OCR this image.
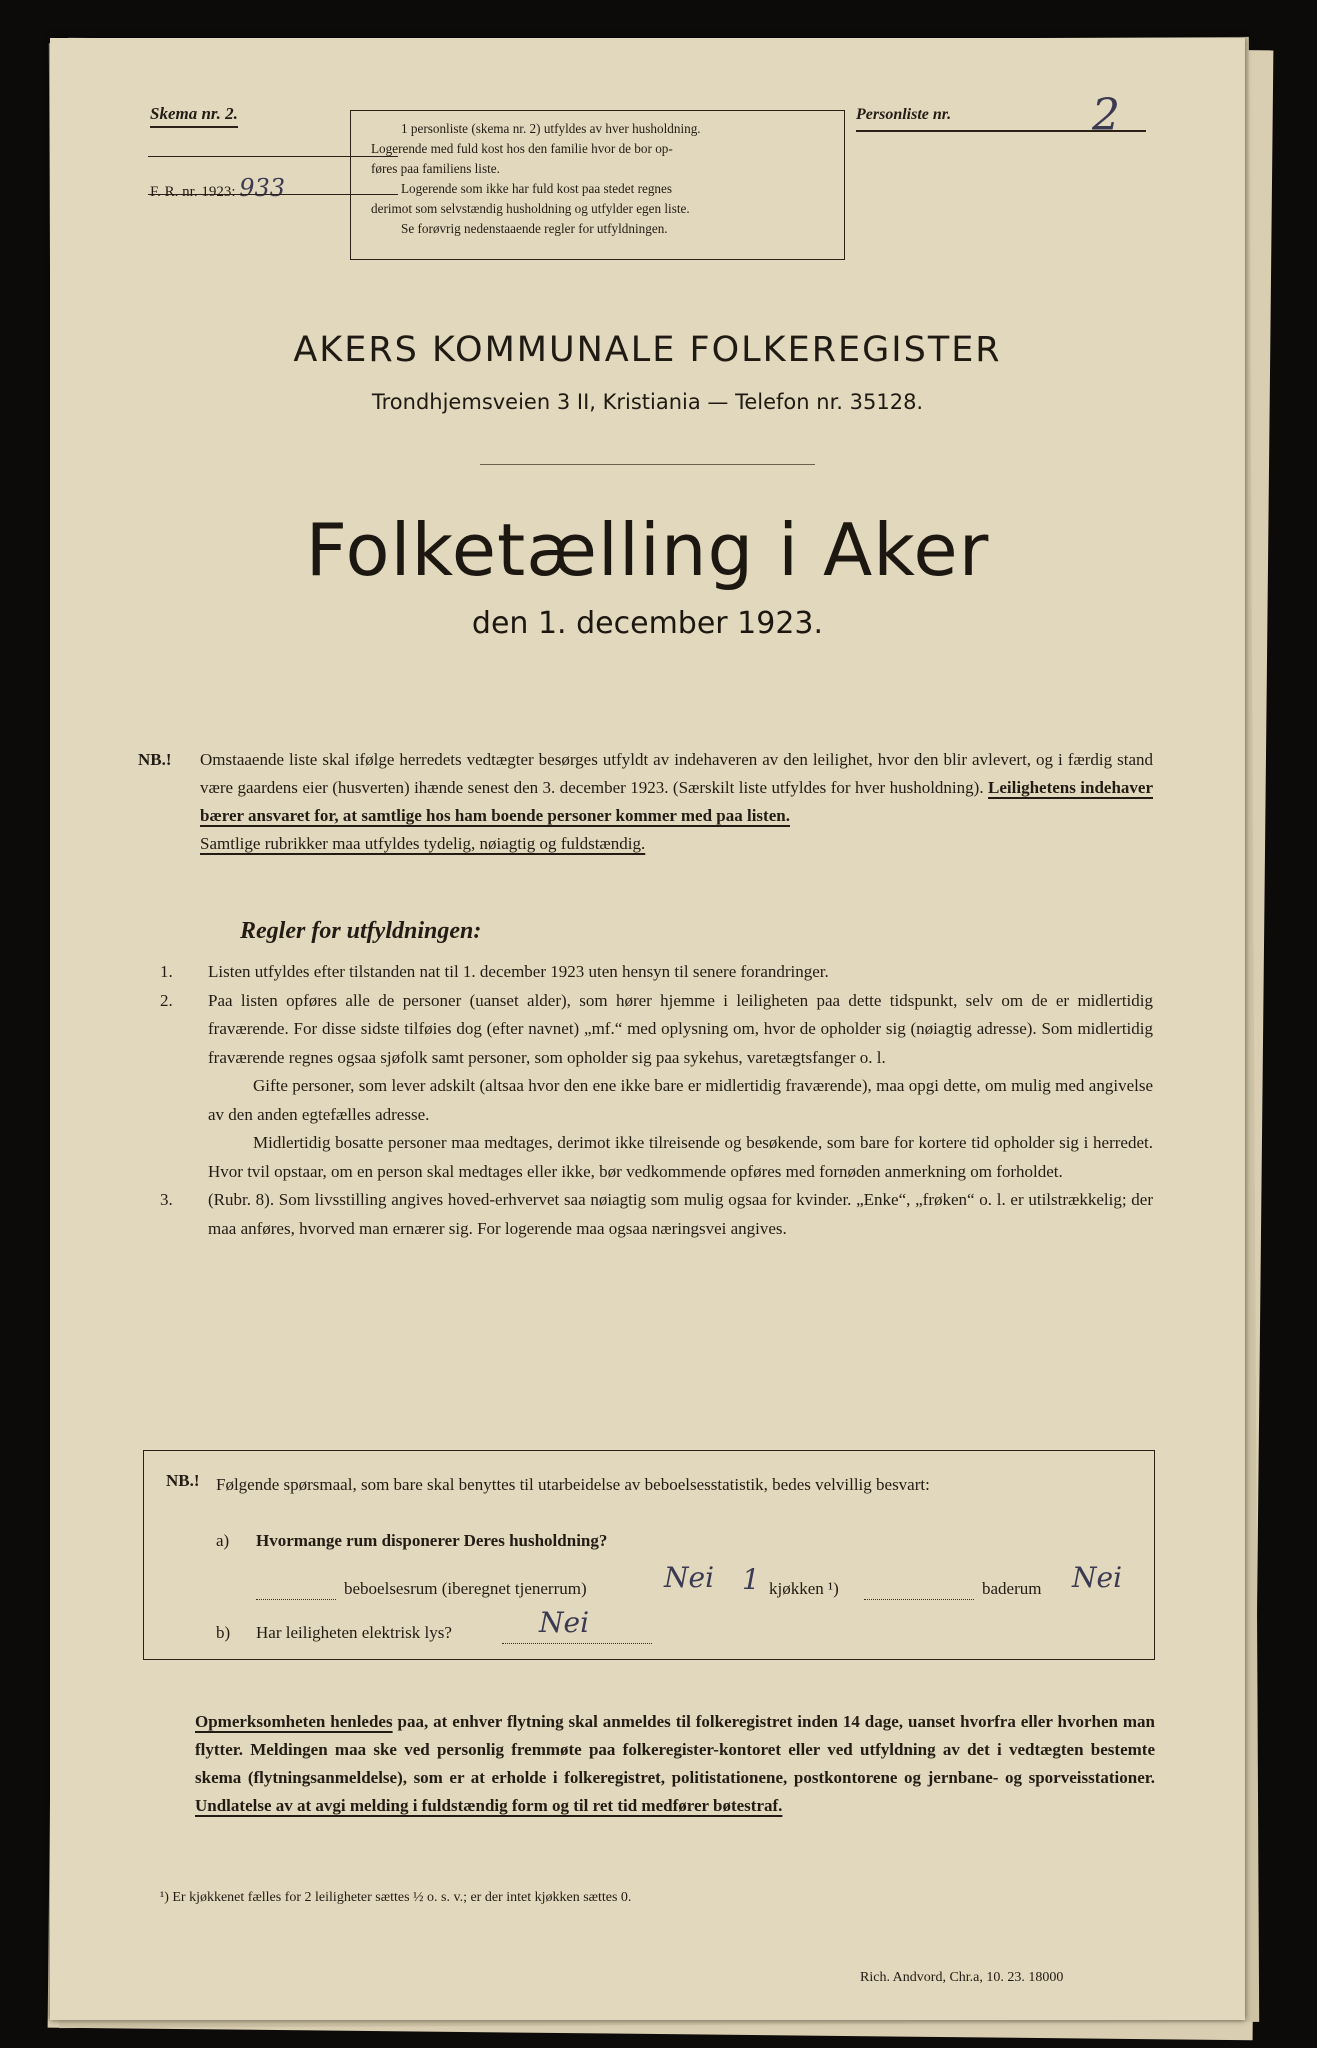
Skema nr. 2.
F. R. nr. 1923: 933

1 personliste (skema nr. 2) utfyldes av hver husholdning.

Logerende med fuld kost hos den familie hvor de bor op-

føres paa familiens liste.

Logerende som ikke har fuld kost paa stedet regnes

derimot som selvstændig husholdning og utfylder egen liste.

Se forøvrig nedenstaaende regler for utfyldningen.

Personliste nr.	2
AKERS KOMMUNALE FOLKEREGISTER
Trondhjemsveien 3 II, Kristiania — Telefon nr. 35128.
Folketælling i Aker
den 1. december 1923.
NB.! Omstaaende liste skal ifølge herredets vedtægter besørges utfyldt av indehaveren av den leilighet, hvor den blir avlevert, og i færdig stand være gaardens eier (husverten) ihænde senest den 3. december 1923. (Særskilt liste utfyldes for hver husholdning). Leilighetens indehaver bærer ansvaret for, at samtlige hos ham boende personer kommer med paa listen.
Samtlige rubrikker maa utfyldes tydelig, nøiagtig og fuldstændig.
Regler for utfyldningen:
1. Listen utfyldes efter tilstanden nat til 1. december 1923 uten hensyn til senere forandringer.

2. Paa listen opføres alle de personer (uanset alder), som hører hjemme i leiligheten paa dette tidspunkt, selv om de er midlertidig fraværende. For disse sidste tilføies dog (efter navnet) „mf.“ med oplysning om, hvor de opholder sig (nøiagtig adresse). Som midlertidig fraværende regnes ogsaa sjøfolk samt personer, som opholder sig paa sykehus, varetægtsfanger o. l.

Gifte personer, som lever adskilt (altsaa hvor den ene ikke bare er midlertidig fraværende), maa opgi dette, om mulig med angivelse av den anden egtefælles adresse.

Midlertidig bosatte personer maa medtages, derimot ikke tilreisende og besøkende, som bare for kortere tid opholder sig i herredet. Hvor tvil opstaar, om en person skal medtages eller ikke, bør vedkommende opføres med fornøden anmerkning om forholdet.

3. (Rubr. 8). Som livsstilling angives hoved-erhvervet saa nøiagtig som mulig ogsaa for kvinder. „Enke“, „frøken“ o. l. er utilstrækkelig; der maa anføres, hvorved man ernærer sig. For logerende maa ogsaa næringsvei angives.

NB.! Følgende spørsmaal, som bare skal benyttes til utarbeidelse av beboelsesstatistik, bedes velvillig besvart:
a) Hvormange rum disponerer Deres husholdning?
beboelsesrum (iberegnet tjenerrum)	Nei 1 kjøkken ¹)	baderum Nei
b) Har leiligheten elektrisk lys?	Nei
Opmerksomheten henledes paa, at enhver flytning skal anmeldes til folkeregistret inden 14 dage, uanset hvorfra eller hvorhen man flytter. Meldingen maa ske ved personlig fremmøte paa folkeregister-kontoret eller ved utfyldning av det i vedtægten bestemte skema (flytningsanmeldelse), som er at erholde i folkeregistret, politistationene, postkontorene og jernbane- og sporveisstationer. Undlatelse av at avgi melding i fuldstændig form og til ret tid medfører bøtestraf.
¹) Er kjøkkenet fælles for 2 leiligheter sættes ½ o. s. v.; er der intet kjøkken sættes 0.
Rich. Andvord, Chr.a, 10. 23. 18000
